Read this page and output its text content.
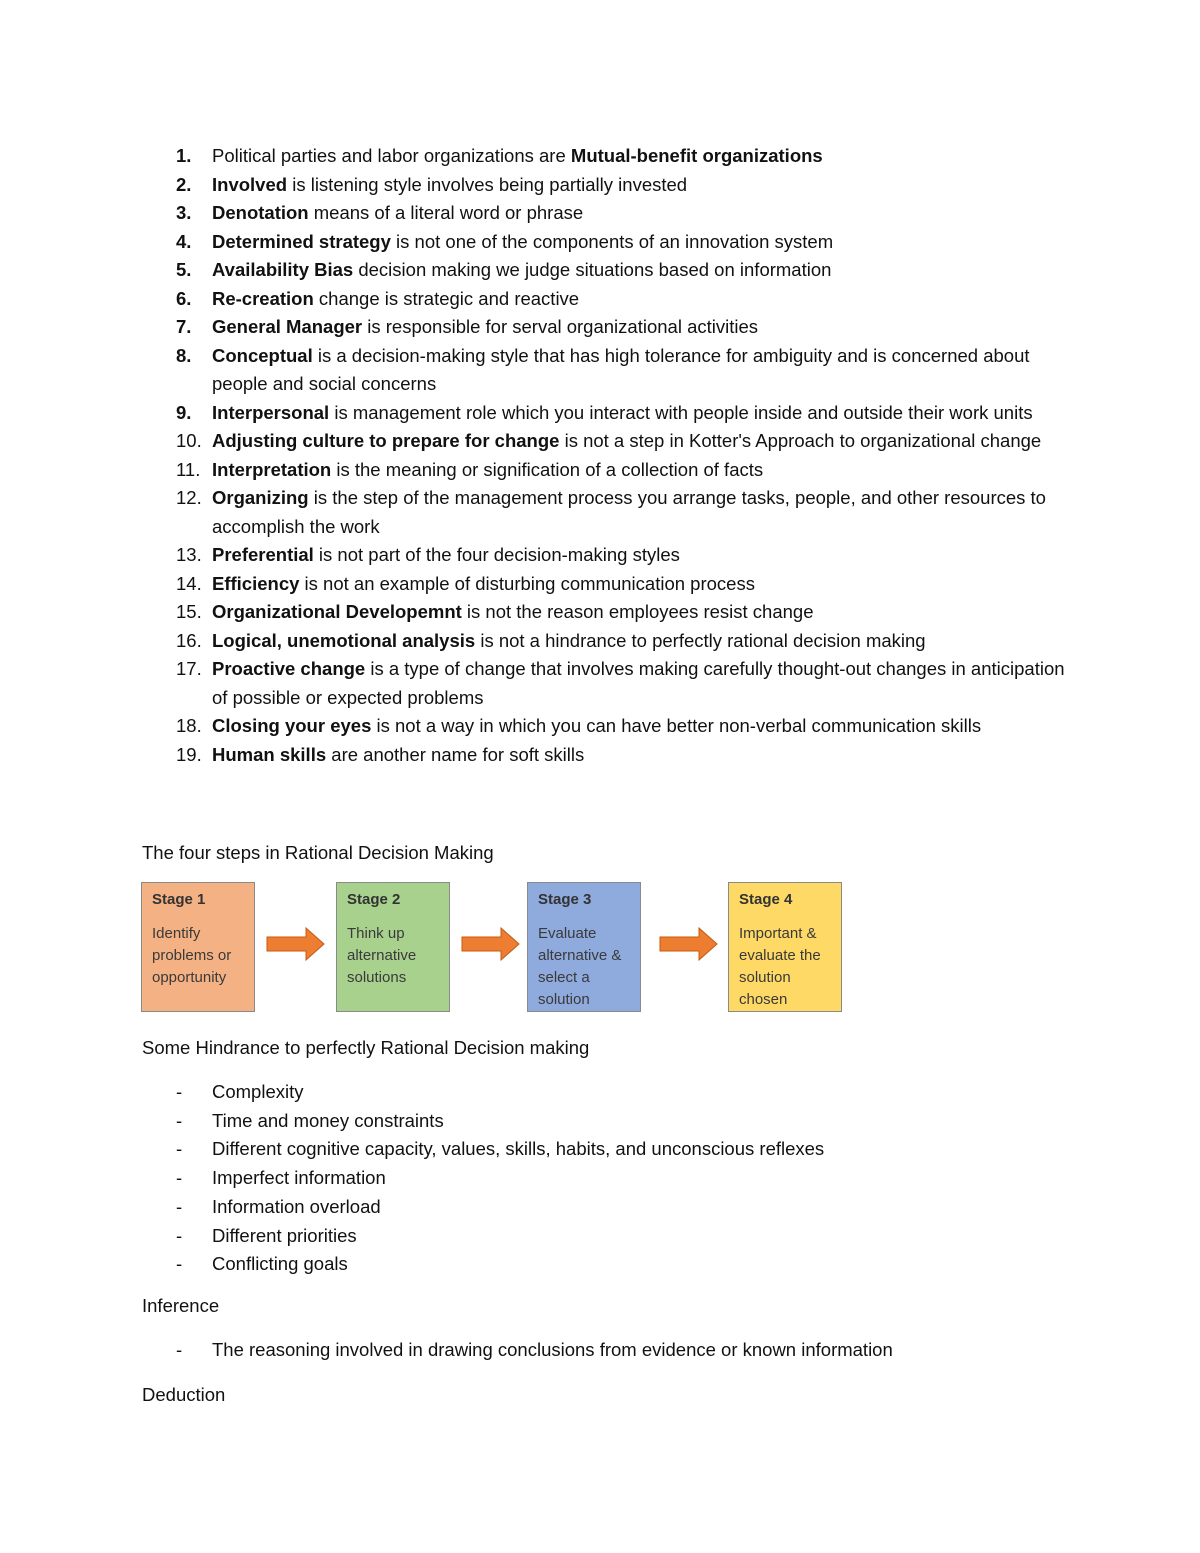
1.	Political parties and labor organizations are Mutual-benefit organizations
2.	Involved is listening style involves being partially invested
3.	Denotation means of a literal word or phrase
4.	Determined strategy is not one of the components of an innovation system
5.	Availability Bias decision making we judge situations based on information
6.	Re-creation change is strategic and reactive
7.	General Manager is responsible for serval organizational activities
8.	Conceptual is a decision-making style that has high tolerance for ambiguity and is concerned about people and social concerns
9.	Interpersonal is management role which you interact with people inside and outside their work units
10. Adjusting culture to prepare for change is not a step in Kotter's Approach to organizational change
11. Interpretation is the meaning or signification of a collection of facts
12. Organizing is the step of the management process you arrange tasks, people, and other resources to accomplish the work
13. Preferential is not part of the four decision-making styles
14. Efficiency is not an example of disturbing communication process
15. Organizational Developemnt is not the reason employees resist change
16. Logical, unemotional analysis is not a hindrance to perfectly rational decision making
17. Proactive change is a type of change that involves making carefully thought-out changes in anticipation of possible or expected problems
18. Closing your eyes is not a way in which you can have better non-verbal communication skills
19. Human skills are another name for soft skills
The four steps in Rational Decision Making
Stage 1
Identify problems or opportunity
Stage 2
Think up alternative solutions
Stage 3
Evaluate alternative & select a solution
Stage 4
Important & evaluate the solution chosen
Some Hindrance to perfectly Rational Decision making
-	Complexity
-	Time and money constraints
-	Different cognitive capacity, values, skills, habits, and unconscious reflexes
-	Imperfect information
-	Information overload
-	Different priorities
-	Conflicting goals
Inference
-	The reasoning involved in drawing conclusions from evidence or known information
Deduction
